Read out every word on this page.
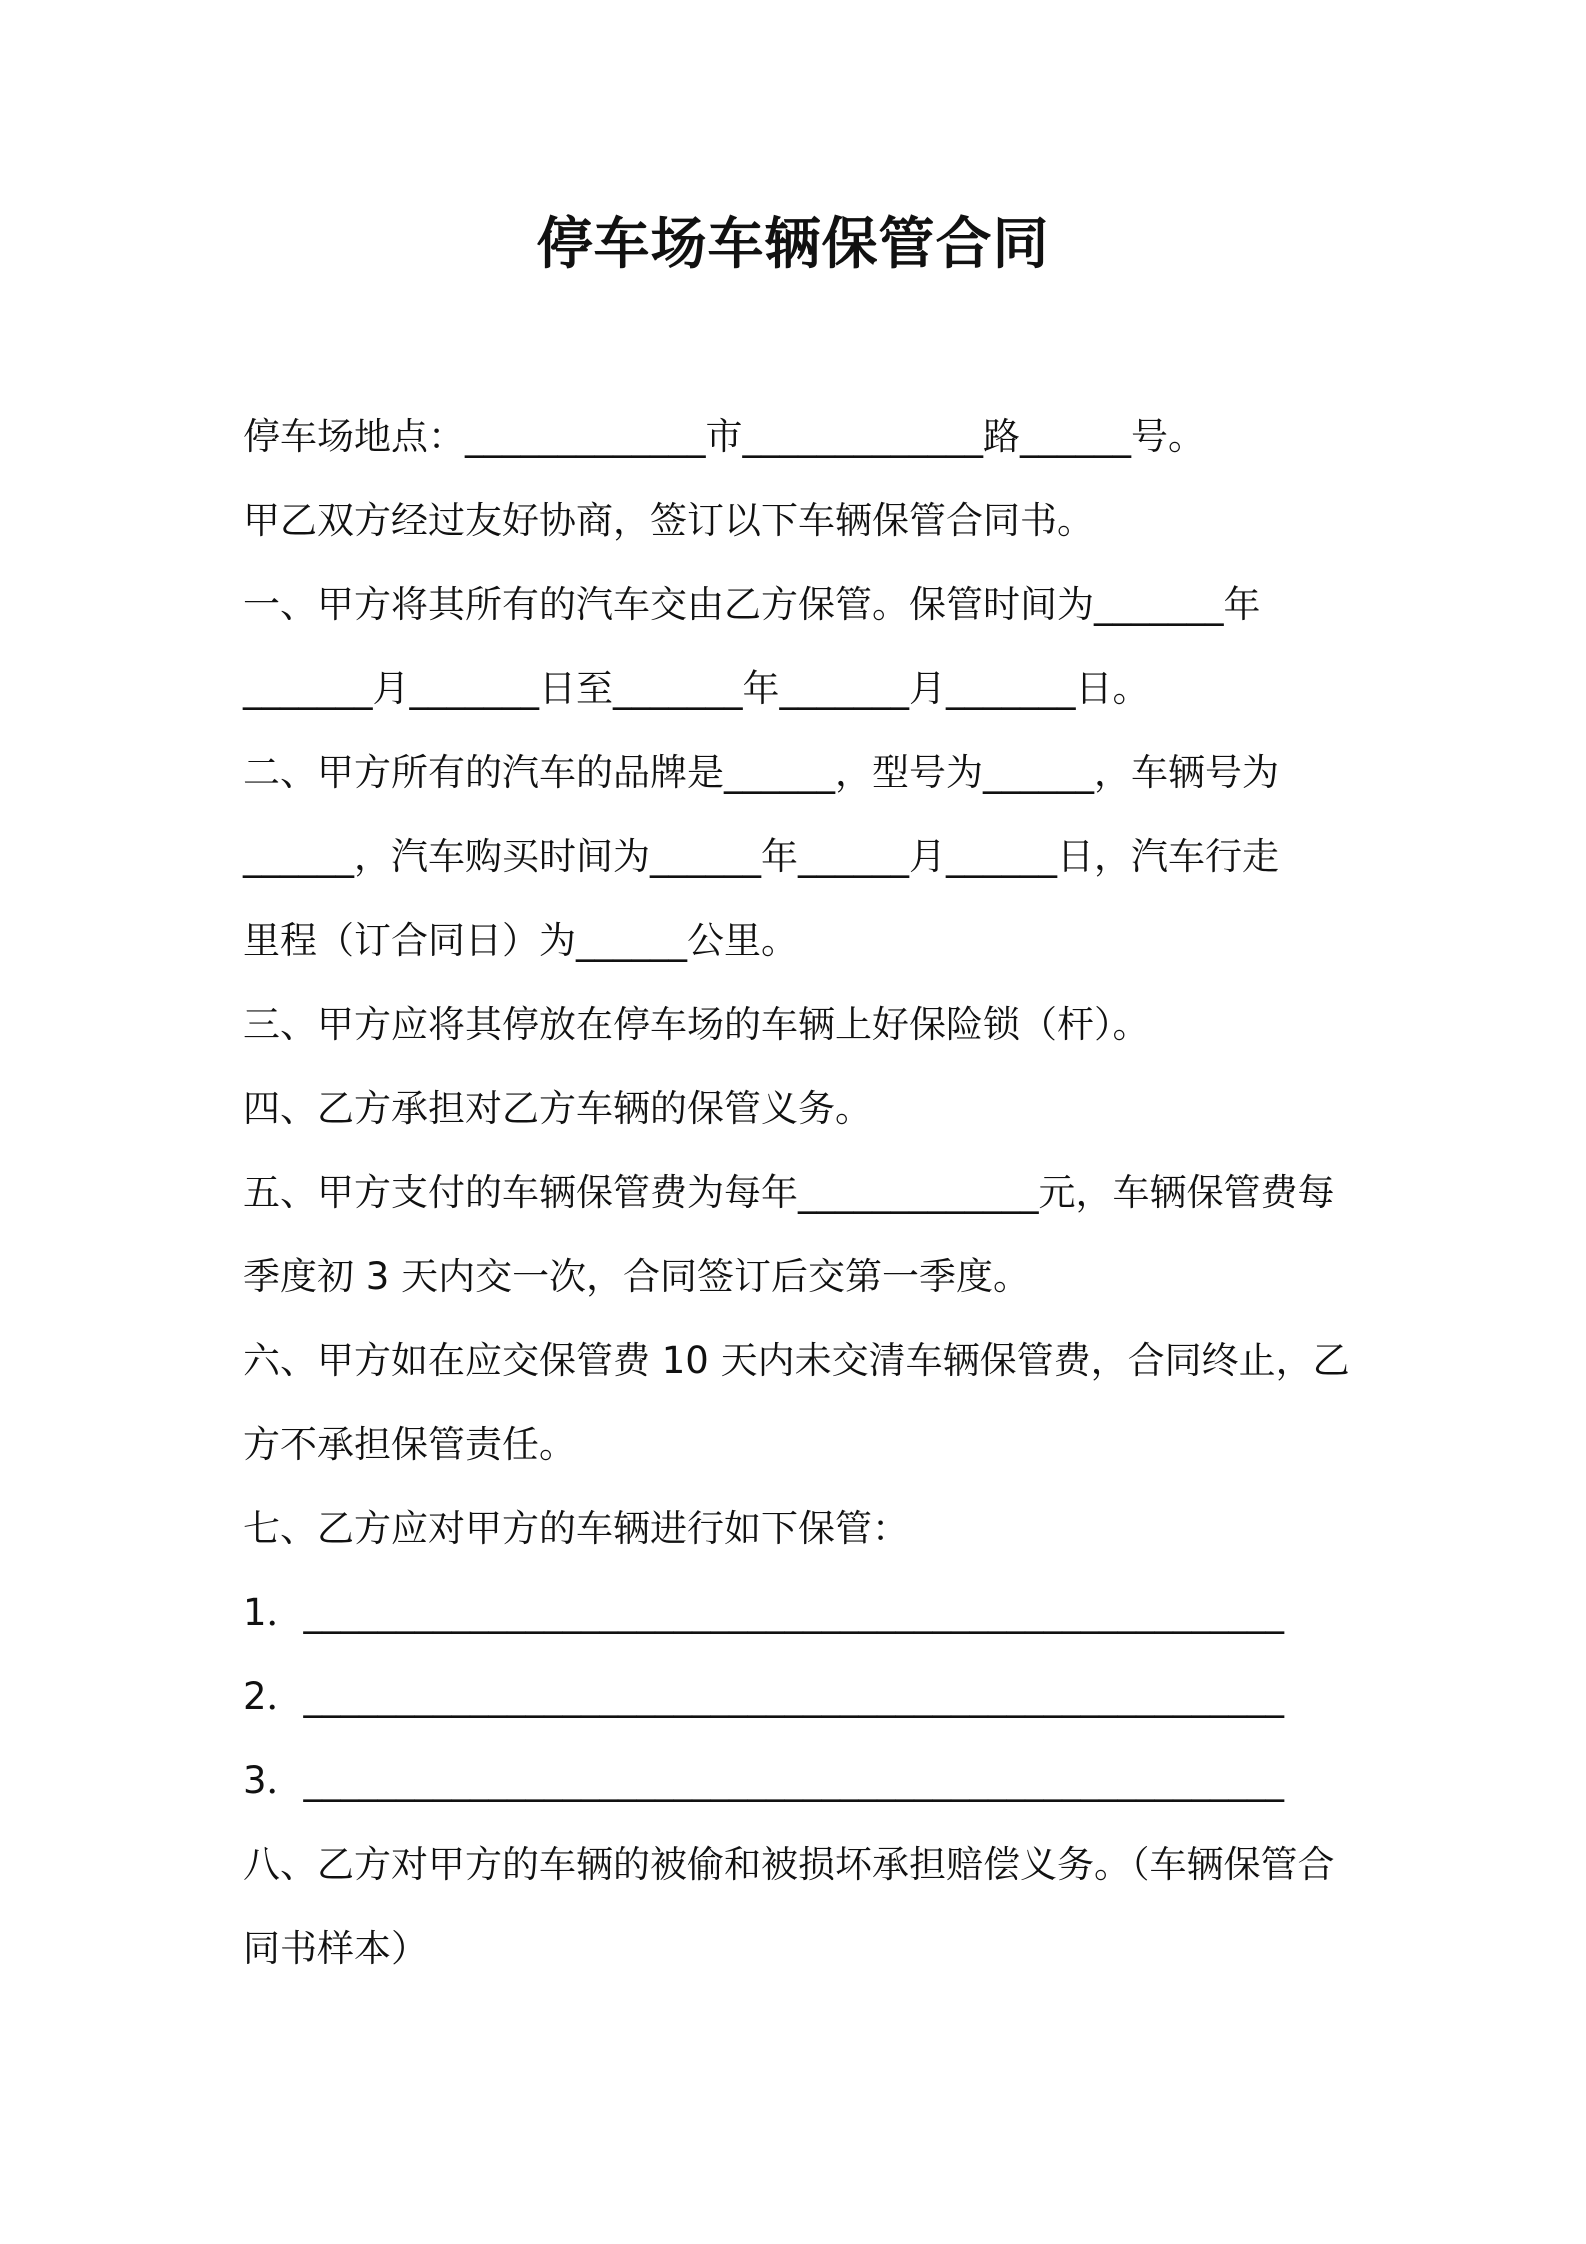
停车场车辆保管合同

停车场地点：_____________市_____________路______号。

甲乙双方经过友好协商，签订以下车辆保管合同书。

一、甲方将其所有的汽车交由乙方保管。保管时间为_______年

_______月_______日至_______年_______月_______日。

二、甲方所有的汽车的品牌是______，型号为______，车辆号为

______，汽车购买时间为______年______月______日，汽车行走

里程（订合同日）为______公里。

三、甲方应将其停放在停车场的车辆上好保险锁（杆）。

四、乙方承担对乙方车辆的保管义务。

五、甲方支付的车辆保管费为每年_____________元，车辆保管费每

季度初 3 天内交一次，合同签订后交第一季度。

六、甲方如在应交保管费 10 天内未交清车辆保管费，合同终止，乙

方不承担保管责任。

七、乙方应对甲方的车辆进行如下保管：

1．_____________________________________________________

2．_____________________________________________________

3．_____________________________________________________

八、乙方对甲方的车辆的被偷和被损坏承担赔偿义务。（车辆保管合

同书样本）
